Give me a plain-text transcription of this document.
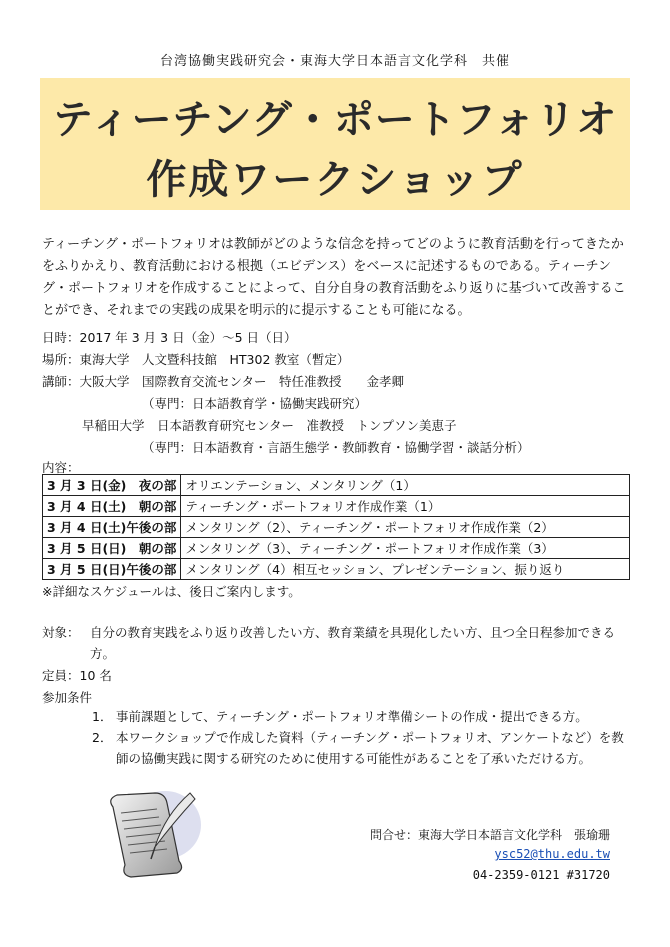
台湾協働実践研究会・東海大学日本語言文化学科　共催
ティーチング・ポートフォリオ
作成ワークショップ
ティーチング・ポートフォリオは教師がどのような信念を持ってどのように教育活動を行ってきたかをふりかえり、教育活動における根拠（エビデンス）をベースに記述するものである。ティーチング・ポートフォリオを作成することによって、自分自身の教育活動をふり返りに基づいて改善することができ、それまでの実践の成果を明示的に提示することも可能になる。
日時：2017 年 3 月 3 日（金）～5 日（日）
場所：東海大学　人文暨科技館　HT302 教室（暫定）
講師：大阪大学　国際教育交流センター　特任准教授　　金孝卿
（専門：日本語教育学・協働実践研究）
早稲田大学　日本語教育研究センター　准教授　トンプソン美恵子
（専門：日本語教育・言語生態学・教師教育・協働学習・談話分析）
内容：
3 月 3 日(金)　夜の部	オリエンテーション、メンタリング（1）
3 月 4 日(土)　朝の部	ティーチング・ポートフォリオ作成作業（1）
3 月 4 日(土)午後の部	メンタリング（2）、ティーチング・ポートフォリオ作成作業（2）
3 月 5 日(日)　朝の部	メンタリング（3）、ティーチング・ポートフォリオ作成作業（3）
3 月 5 日(日)午後の部	メンタリング（4）相互セッション、プレゼンテーション、振り返り
※詳細なスケジュールは、後日ご案内します。
対象： 自分の教育実践をふり返り改善したい方、教育業績を具現化したい方、且つ全日程参加できる方。
定員：10 名
参加条件
1． 事前課題として、ティーチング・ポートフォリオ準備シートの作成・提出できる方。
2． 本ワークショップで作成した資料（ティーチング・ポートフォリオ、アンケートなど）を教師の協働実践に関する研究のために使用する可能性があることを了承いただける方。
問合せ：東海大学日本語言文化学科　張瑜珊
ysc52@thu.edu.tw
04-2359-0121 #31720
